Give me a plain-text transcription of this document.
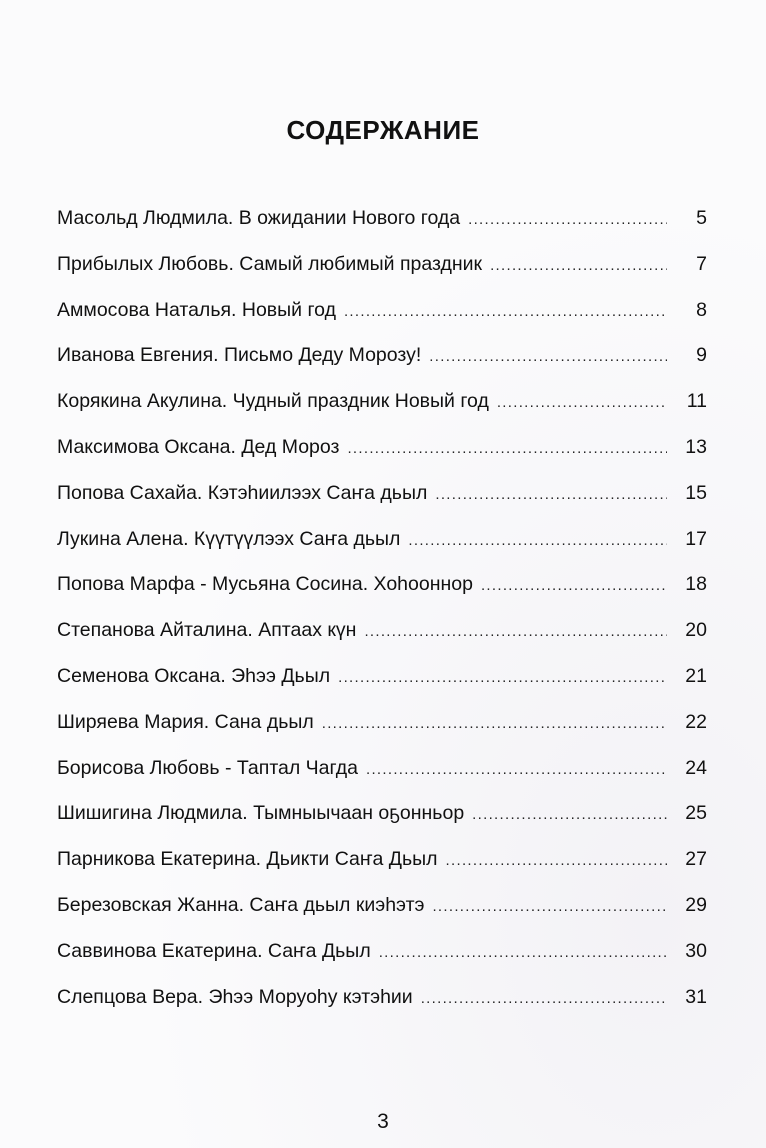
СОДЕРЖАНИЕ
Масольд Людмила. В ожидании Нового года .....	5
Прибылых Любовь. Самый любимый праздник .....	7
Аммосова Наталья. Новый год .....	8
Иванова Евгения. Письмо Деду Морозу! .....	9
Корякина Акулина. Чудный праздник Новый год .....	11
Максимова Оксана. Дед Мороз .....	13
Попова Сахайа. Кэтэhиилээх Саҥа дьыл .....	15
Лукина Алена. Күүтүүлээх Саҥа дьыл .....	17
Попова Марфа - Мусьяна Сосина. Хоhооннор .....	18
Степанова Айталина. Аптаах күн .....	20
Семенова Оксана. Эhээ Дьыл .....	21
Ширяева Мария. Сана дьыл .....	22
Борисова Любовь - Таптал Чагда .....	24
Шишигина Людмила. Тымныычаан оҕонньор .....	25
Парникова Екатерина. Дьикти Саҥа Дьыл .....	27
Березовская Жанна. Саҥа дьыл киэhэтэ .....	29
Саввинова Екатерина. Саҥа Дьыл .....	30
Слепцова Вера. Эhээ Моруоhу кэтэhии .....	31
3
